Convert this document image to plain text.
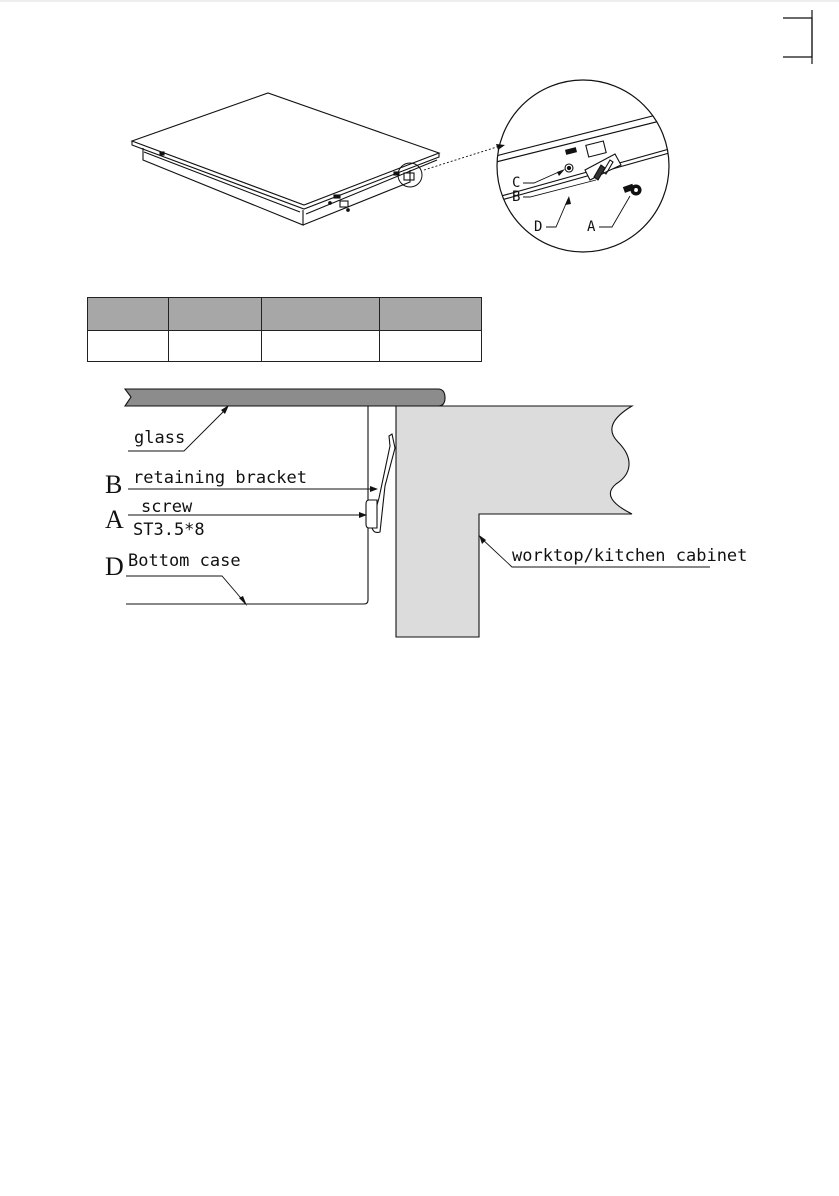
C
B
D	A
glass
B retaining bracket
A screw
ST3.5*8
D Bottom case	worktop/kitchen cabinet
